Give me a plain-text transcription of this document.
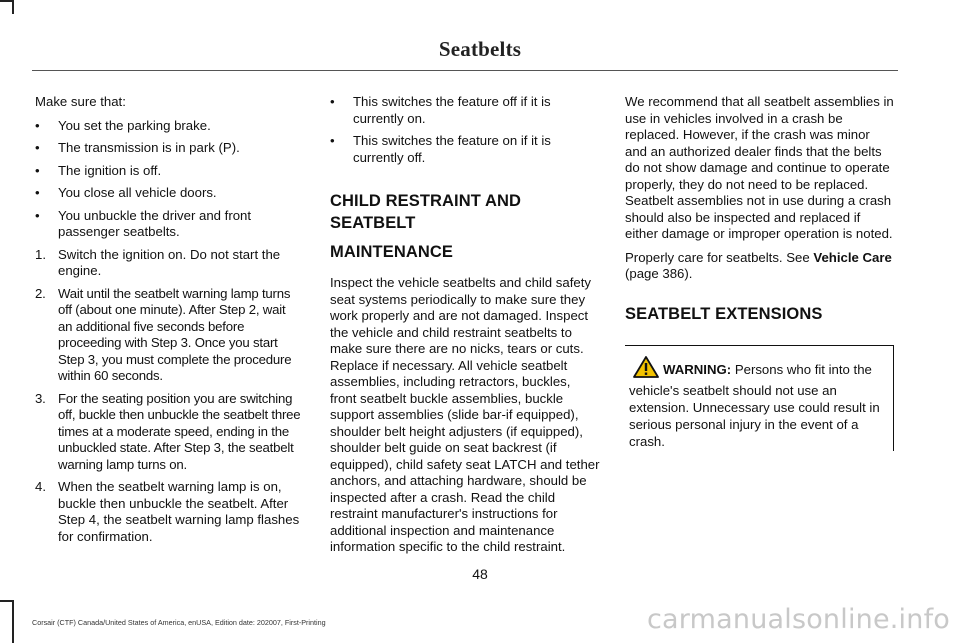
Seatbelts

Make sure that:

• You set the parking brake.
• The transmission is in park (P).
• The ignition is off.
• You close all vehicle doors.
• You unbuckle the driver and front passenger seatbelts.
1. Switch the ignition on. Do not start the engine.
2. Wait until the seatbelt warning lamp turns off (about one minute). After Step 2, wait an additional five seconds before proceeding with Step 3. Once you start Step 3, you must complete the procedure within 60 seconds.
3. For the seating position you are switching off, buckle then unbuckle the seatbelt three times at a moderate speed, ending in the unbuckled state. After Step 3, the seatbelt warning lamp turns on.
4. When the seatbelt warning lamp is on, buckle then unbuckle the seatbelt. After Step 4, the seatbelt warning lamp flashes for confirmation.
• This switches the feature off if it is currently on.
• This switches the feature on if it is currently off.
CHILD RESTRAINT AND SEATBELT
MAINTENANCE

Inspect the vehicle seatbelts and child safety seat systems periodically to make sure they work properly and are not damaged. Inspect the vehicle and child restraint seatbelts to make sure there are no nicks, tears or cuts. Replace if necessary. All vehicle seatbelt assemblies, including retractors, buckles, front seatbelt buckle assemblies, buckle support assemblies (slide bar-if equipped), shoulder belt height adjusters (if equipped), shoulder belt guide on seat backrest (if equipped), child safety seat LATCH and tether anchors, and attaching hardware, should be inspected after a crash. Read the child restraint manufacturer's instructions for additional inspection and maintenance information specific to the child restraint.

We recommend that all seatbelt assemblies in use in vehicles involved in a crash be replaced. However, if the crash was minor and an authorized dealer finds that the belts do not show damage and continue to operate properly, they do not need to be replaced. Seatbelt assemblies not in use during a crash should also be inspected and replaced if either damage or improper operation is noted.

Properly care for seatbelts. See Vehicle Care (page 386).

SEATBELT EXTENSIONS
WARNING: Persons who fit into the vehicle's seatbelt should not use an extension. Unnecessary use could result in serious personal injury in the event of a crash.
48
Corsair (CTF) Canada/United States of America, enUSA, Edition date: 202007, First-Printing	carmanualsonline.info
